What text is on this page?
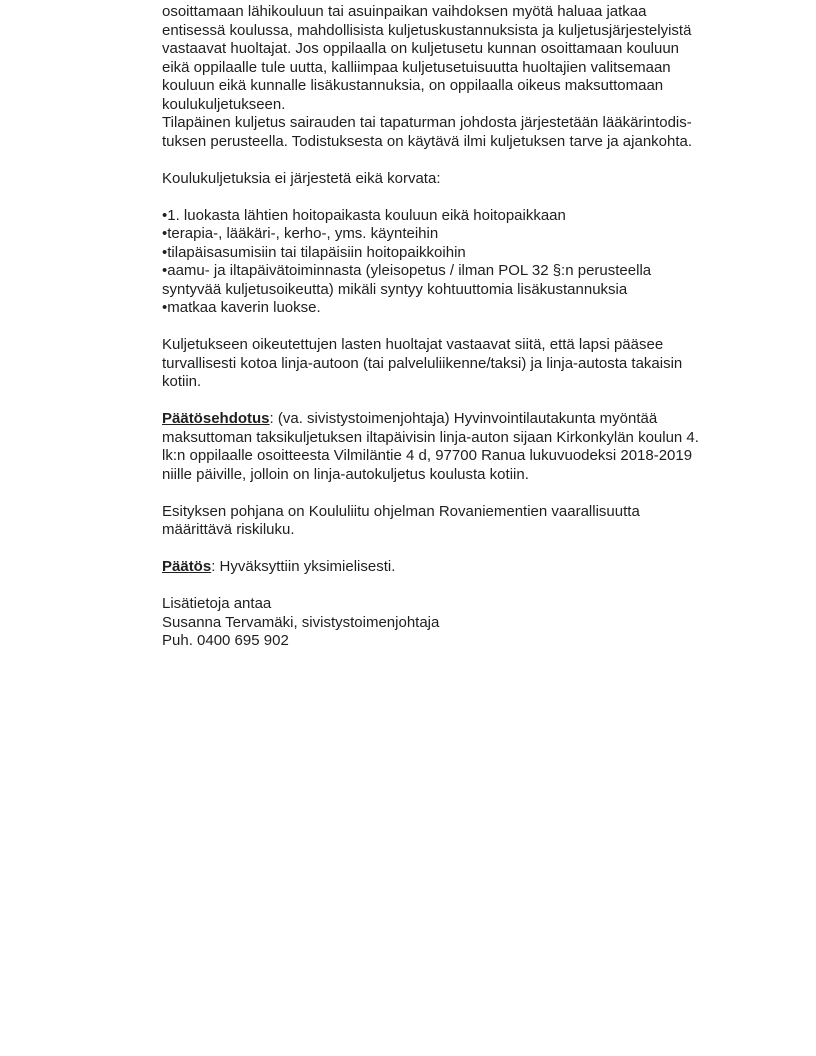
osoittamaan lähikouluun tai asuinpaikan vaihdoksen myötä haluaa jatkaa
entisessä koulussa, mahdollisista kuljetuskustannuksista ja kuljetusjärjestelyistä
vastaavat huoltajat. Jos oppilaalla on kuljetusetu kunnan osoittamaan kouluun
eikä oppilaalle tule uutta, kalliimpaa kuljetusetuisuutta huoltajien valitsemaan
kouluun eikä kunnalle lisäkustannuksia, on oppilaalla oikeus maksuttomaan
koulukuljetukseen.
Tilapäinen kuljetus sairauden tai tapaturman johdosta järjestetään lääkärintodis-
tuksen perusteella. Todistuksesta on käytävä ilmi kuljetuksen tarve ja ajankohta.
Koulukuljetuksia ei järjestetä eikä korvata:
•1. luokasta lähtien hoitopaikasta kouluun eikä hoitopaikkaan
•terapia-, lääkäri-, kerho-, yms. käynteihin
•tilapäisasumisiin tai tilapäisiin hoitopaikkoihin
•aamu- ja iltapäivätoiminnasta (yleisopetus / ilman POL 32 §:n perusteella
syntyvää kuljetusoikeutta) mikäli syntyy kohtuuttomia lisäkustannuksia
•matkaa kaverin luokse.
Kuljetukseen oikeutettujen lasten huoltajat vastaavat siitä, että lapsi pääsee
turvallisesti kotoa linja-autoon (tai palveluliikenne/taksi) ja linja-autosta takaisin
kotiin.
Päätösehdotus: (va. sivistystoimenjohtaja) Hyvinvointilautakunta myöntää
maksuttoman taksikuljetuksen iltapäivisin linja-auton sijaan Kirkonkylän koulun 4.
lk:n oppilaalle osoitteesta Vilmiläntie 4 d, 97700 Ranua lukuvuodeksi 2018-2019
niille päiville, jolloin on linja-autokuljetus koulusta kotiin.
Esityksen pohjana on Koululiitu ohjelman Rovaniementien vaarallisuutta
määrittävä riskiluku.
Päätös: Hyväksyttiin yksimielisesti.
Lisätietoja antaa
Susanna Tervamäki, sivistystoimenjohtaja
Puh. 0400 695 902
